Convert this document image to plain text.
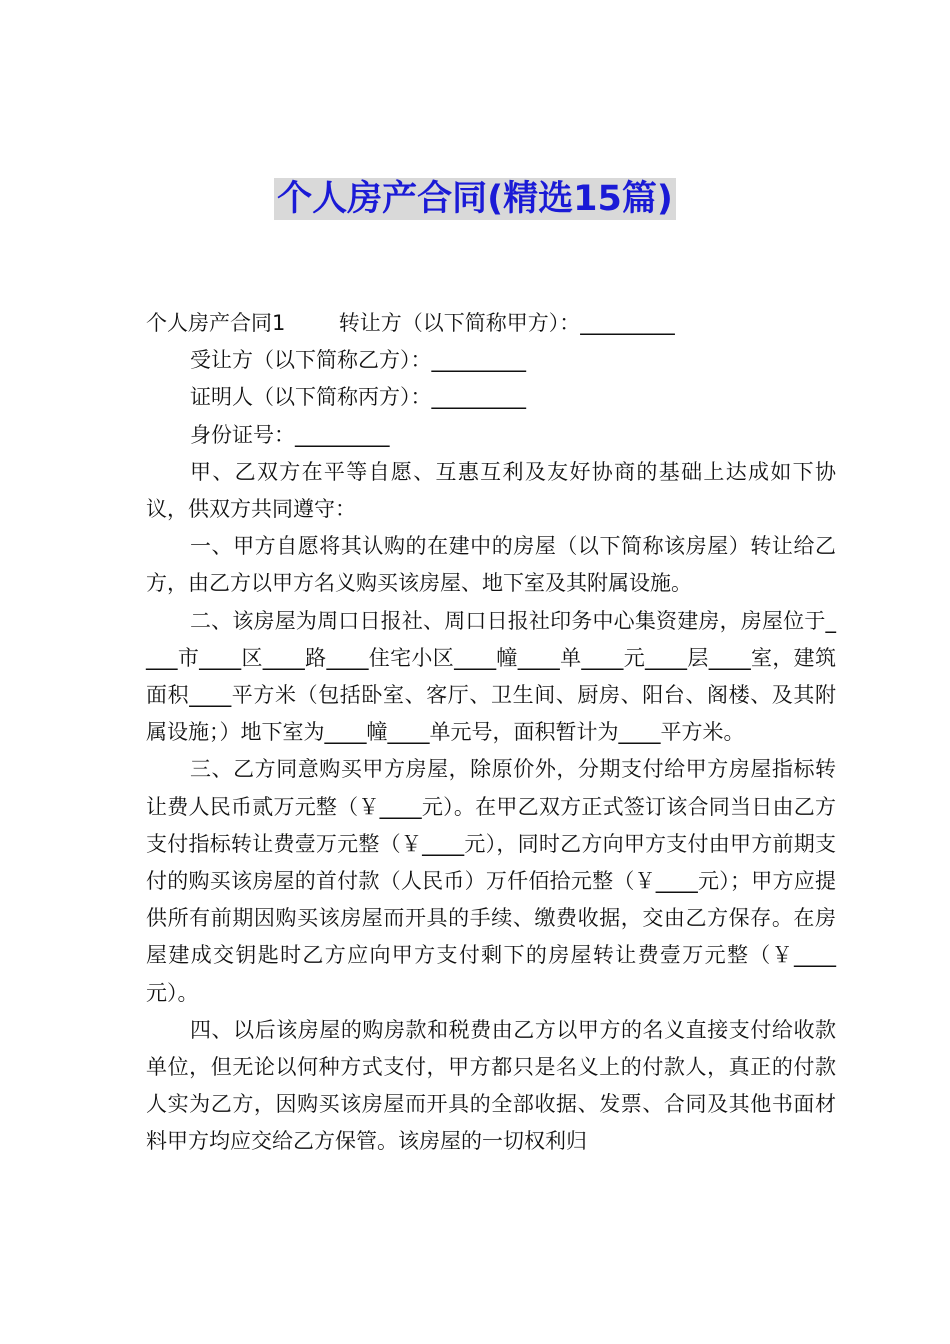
个人房产合同(精选15篇)

个人房产合同1        转让方（以下简称甲方）：_________

受让方（以下简称乙方）：_________

证明人（以下简称丙方）：_________

身份证号：_________

甲、乙双方在平等自愿、互惠互利及友好协商的基础上达成如下协议，供双方共同遵守：

一、甲方自愿将其认购的在建中的房屋（以下简称该房屋）转让给乙方，由乙方以甲方名义购买该房屋、地下室及其附属设施。

二、该房屋为周口日报社、周口日报社印务中心集资建房，房屋位于____市____区____路____住宅小区____幢____单____元____层____室，建筑面积____平方米（包括卧室、客厅、卫生间、厨房、阳台、阁楼、及其附属设施；）地下室为____幢____单元号，面积暂计为____平方米。

三、乙方同意购买甲方房屋，除原价外，分期支付给甲方房屋指标转让费人民币贰万元整（￥____元）。在甲乙双方正式签订该合同当日由乙方支付指标转让费壹万元整（￥____元），同时乙方向甲方支付由甲方前期支付的购买该房屋的首付款（人民币）万仟佰拾元整（￥____元）；甲方应提供所有前期因购买该房屋而开具的手续、缴费收据，交由乙方保存。在房屋建成交钥匙时乙方应向甲方支付剩下的房屋转让费壹万元整（￥____元）。

四、以后该房屋的购房款和税费由乙方以甲方的名义直接支付给收款单位，但无论以何种方式支付，甲方都只是名义上的付款人，真正的付款人实为乙方，因购买该房屋而开具的全部收据、发票、合同及其他书面材料甲方均应交给乙方保管。该房屋的一切权利归
